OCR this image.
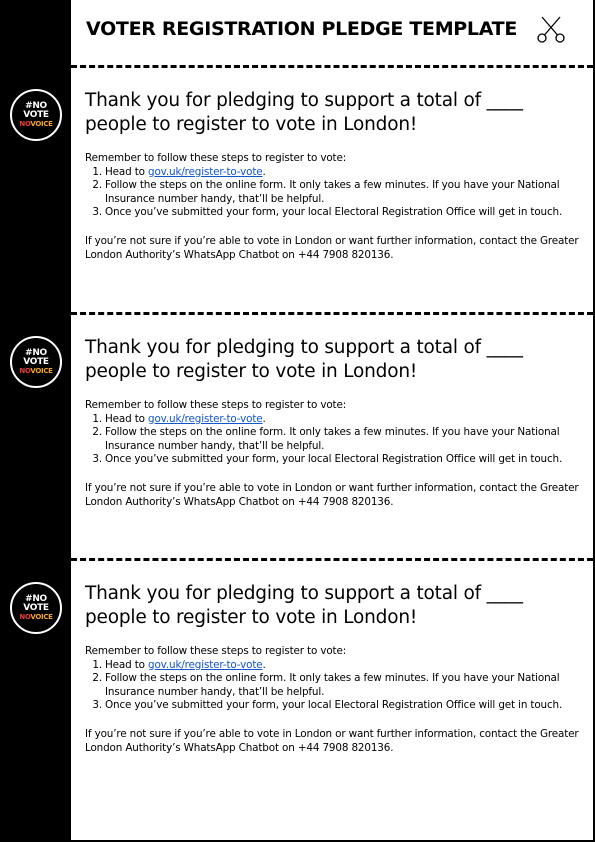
VOTER REGISTRATION PLEDGE TEMPLATE
#NO
VOTE
NOVOICE
#NO
VOTE
NOVOICE
#NO
VOTE
NOVOICE
Thank you for pledging to support a total of ____ people to register to vote in London!
Remember to follow these steps to register to vote:
1. Head to gov.uk/register-to-vote.
2. Follow the steps on the online form. It only takes a few minutes. If you have your National Insurance number handy, that’ll be helpful.
3. Once you’ve submitted your form, your local Electoral Registration Office will get in touch.
If you’re not sure if you’re able to vote in London or want further information, contact the Greater London Authority’s WhatsApp Chatbot on +44 7908 820136.
Thank you for pledging to support a total of ____ people to register to vote in London!
Remember to follow these steps to register to vote:
1. Head to gov.uk/register-to-vote.
2. Follow the steps on the online form. It only takes a few minutes. If you have your National Insurance number handy, that’ll be helpful.
3. Once you’ve submitted your form, your local Electoral Registration Office will get in touch.
If you’re not sure if you’re able to vote in London or want further information, contact the Greater London Authority’s WhatsApp Chatbot on +44 7908 820136.
Thank you for pledging to support a total of ____ people to register to vote in London!
Remember to follow these steps to register to vote:
1. Head to gov.uk/register-to-vote.
2. Follow the steps on the online form. It only takes a few minutes. If you have your National Insurance number handy, that’ll be helpful.
3. Once you’ve submitted your form, your local Electoral Registration Office will get in touch.
If you’re not sure if you’re able to vote in London or want further information, contact the Greater London Authority’s WhatsApp Chatbot on +44 7908 820136.
